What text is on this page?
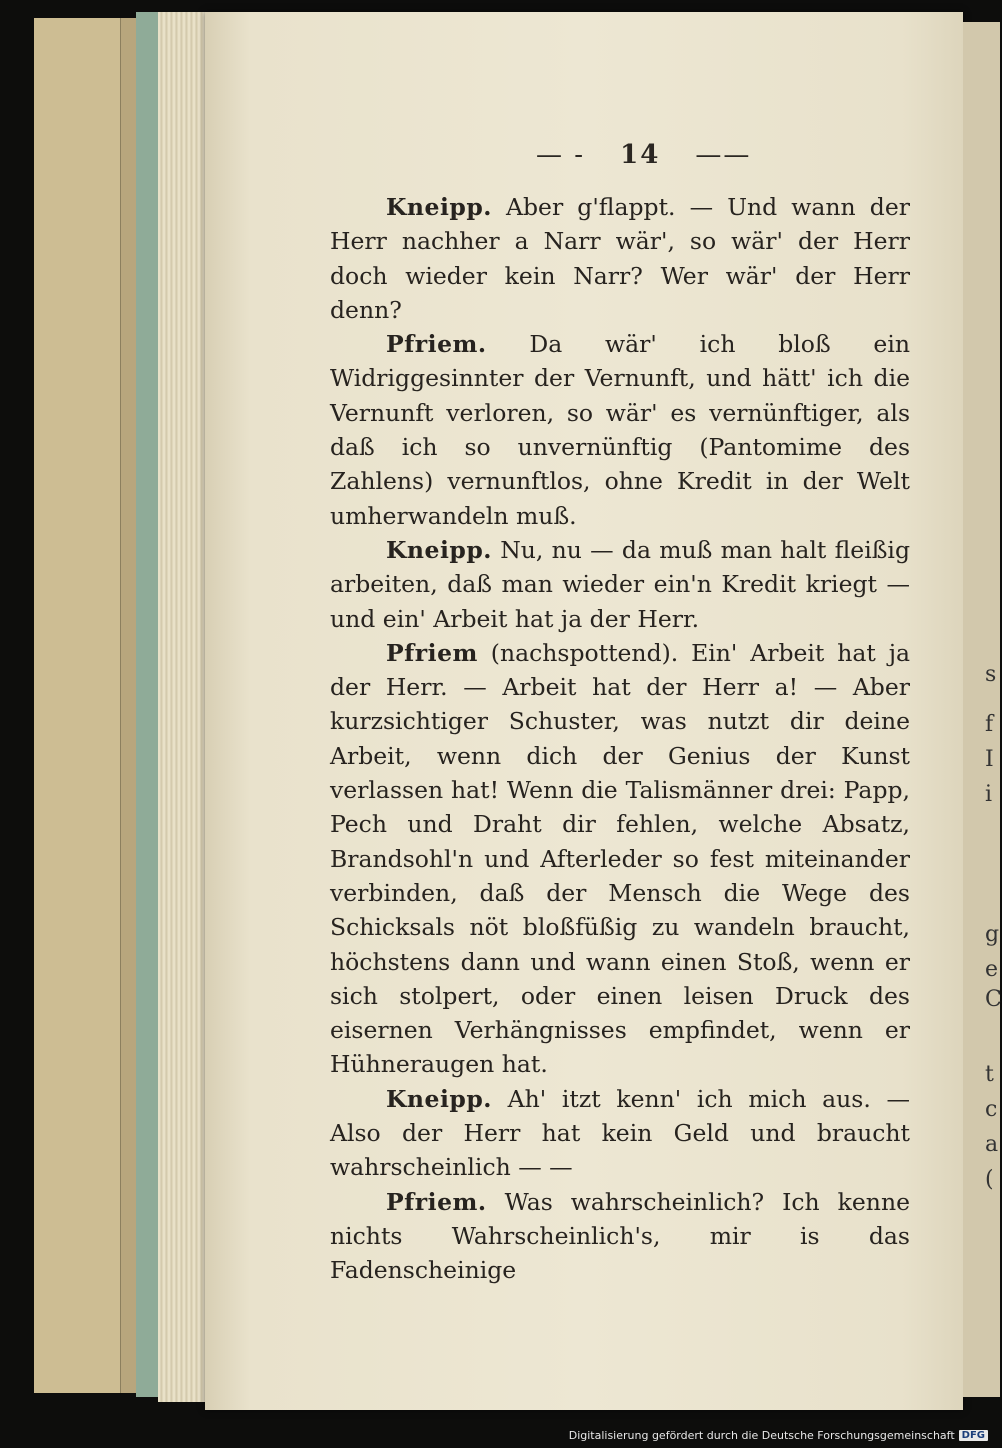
s
f
I
i
g
e
C
t
c
a
(
— - 14 ——

Kneipp. Aber g'flappt. — Und wann der Herr nachher a Narr wär', so wär' der Herr doch wieder kein Narr? Wer wär' der Herr denn?

Pfriem. Da wär' ich bloß ein Widriggesinnter der Vernunft, und hätt' ich die Vernunft verloren, so wär' es vernünftiger, als daß ich so unvernünftig (Pantomime des Zahlens) vernunftlos, ohne Kredit in der Welt umherwandeln muß.

Kneipp. Nu, nu — da muß man halt fleißig arbeiten, daß man wieder ein'n Kredit kriegt — und ein' Arbeit hat ja der Herr.

Pfriem (nachspottend). Ein' Arbeit hat ja der Herr. — Arbeit hat der Herr a! — Aber kurzsichtiger Schuster, was nutzt dir deine Arbeit, wenn dich der Genius der Kunst verlassen hat! Wenn die Talismänner drei: Papp, Pech und Draht dir fehlen, welche Absatz, Brandsohl'n und Afterleder so fest miteinander verbinden, daß der Mensch die Wege des Schicksals nöt bloßfüßig zu wandeln braucht, höchstens dann und wann einen Stoß, wenn er sich stolpert, oder einen leisen Druck des eisernen Verhängnisses empfindet, wenn er Hühneraugen hat.

Kneipp. Ah' itzt kenn' ich mich aus. — Also der Herr hat kein Geld und braucht wahrscheinlich — —

Pfriem. Was wahrscheinlich? Ich kenne nichts Wahrscheinlich's, mir is das Fadenscheinige

Digitalisierung gefördert durch die Deutsche Forschungsgemeinschaft DFG
